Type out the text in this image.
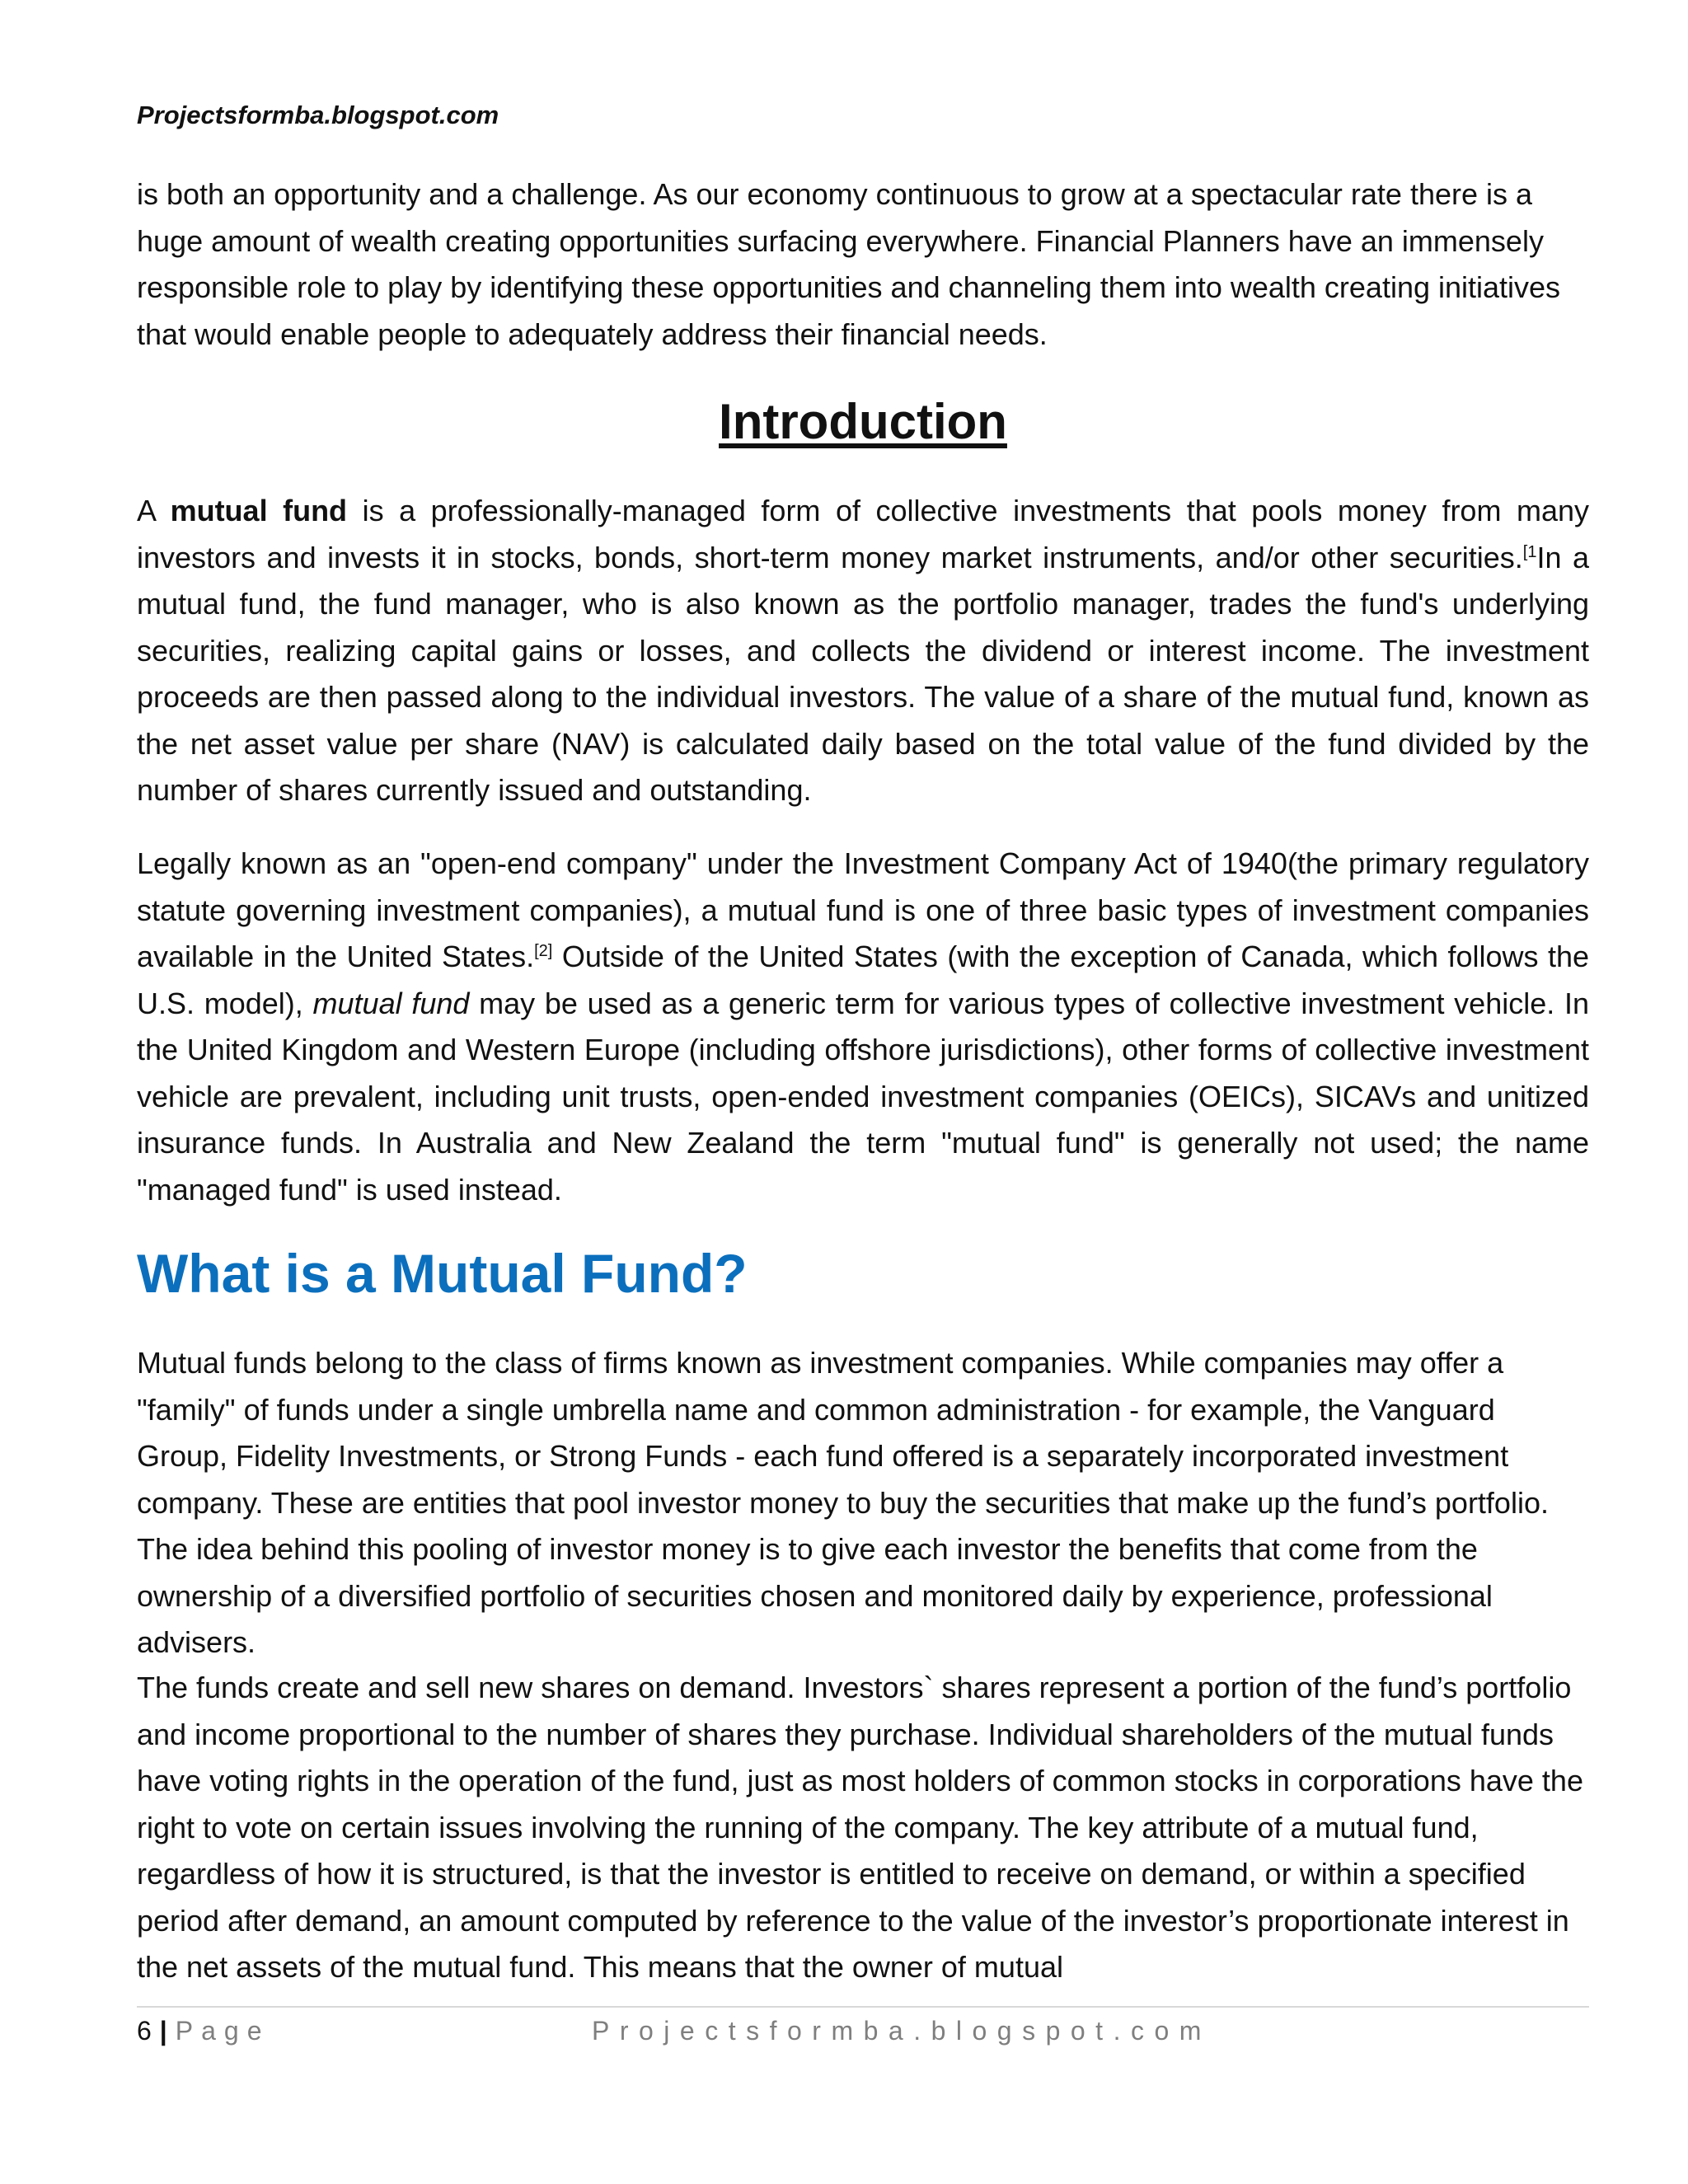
Projectsformba.blogspot.com

is both an opportunity and a challenge. As our economy continuous to grow at a spectacular rate there is a huge amount of wealth creating opportunities surfacing everywhere. Financial Planners have an immensely responsible role to play by identifying these opportunities and channeling them into wealth creating initiatives that would enable people to adequately address their financial needs.

Introduction

A mutual fund is a professionally-managed form of collective investments that pools money from many investors and invests it in stocks, bonds, short-term money market instruments, and/or other securities.$^{[1}$In a mutual fund, the fund manager, who is also known as the portfolio manager, trades the fund's underlying securities, realizing capital gains or losses, and collects the dividend or interest income. The investment proceeds are then passed along to the individual investors. The value of a share of the mutual fund, known as the net asset value per share (NAV) is calculated daily based on the total value of the fund divided by the number of shares currently issued and outstanding.

Legally known as an "open-end company" under the Investment Company Act of 1940(the primary regulatory statute governing investment companies), a mutual fund is one of three basic types of investment companies available in the United States.[2] Outside of the United States (with the exception of Canada, which follows the U.S. model), mutual fund may be used as a generic term for various types of collective investment vehicle. In the United Kingdom and Western Europe (including offshore jurisdictions), other forms of collective investment vehicle are prevalent, including unit trusts, open-ended investment companies (OEICs), SICAVs and unitized insurance funds. In Australia and New Zealand the term "mutual fund" is generally not used; the name "managed fund" is used instead.

What is a Mutual Fund?

Mutual funds belong to the class of firms known as investment companies. While companies may offer a "family" of funds under a single umbrella name and common administration - for example, the Vanguard Group, Fidelity Investments, or Strong Funds - each fund offered is a separately incorporated investment company. These are entities that pool investor money to buy the securities that make up the fund’s portfolio. The idea behind this pooling of investor money is to give each investor the benefits that come from the ownership of a diversified portfolio of securities chosen and monitored daily by experience, professional advisers.

The funds create and sell new shares on demand. Investors` shares represent a portion of the fund’s portfolio and income proportional to the number of shares they purchase. Individual shareholders of the mutual funds have voting rights in the operation of the fund, just as most holders of common stocks in corporations have the right to vote on certain issues involving the running of the company. The key attribute of a mutual fund, regardless of how it is structured, is that the investor is entitled to receive on demand, or within a specified period after demand, an amount computed by reference to the value of the investor’s proportionate interest in the net assets of the mutual fund. This means that the owner of mutual

6 | Page	Projectsformba.blogspot.com
